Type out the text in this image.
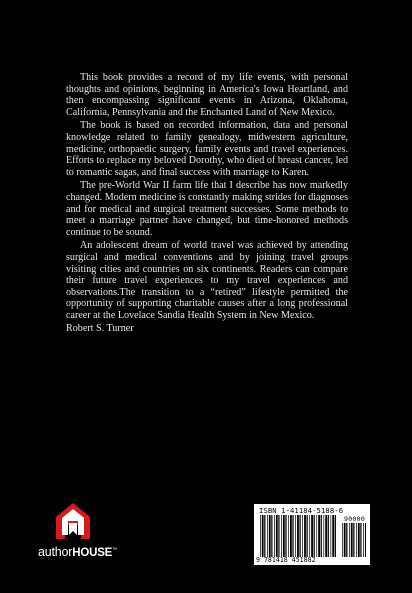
This book provides a record of my life events, with personal thoughts and opinions, beginning in America's Iowa Heartland, and then encompassing significant events in Arizona, Oklahoma, California, Pennsylvania and the Enchanted Land of New Mexico.

The book is based on recorded information, data and personal knowledge related to family genealogy, midwestern agriculture, medicine, orthopaedic surgery, family events and travel experiences. Efforts to replace my beloved Dorothy, who died of breast cancer, led to romantic sagas, and final success with marriage to Karen.

The pre-World War II farm life that I describe has now markedly changed. Modern medicine is constantly making strides for diagnoses and for medical and surgical treatment successes. Some methods to meet a marriage partner have changed, but time-honored methods continue to be sound.

An adolescent dream of world travel was achieved by attending surgical and medical conventions and by joining travel groups visiting cities and countries on six continents. Readers can compare their future travel experiences to my travel experiences and observations.The transition to a “retired” lifestyle permitted the opportunity of supporting charitable causes after a long professional career at the Lovelace Sandia Health System in New Mexico.

Robert S. Turner

authorHOUSE™
ISBN 1-41184-5188-6
90000
9 781418 451882
